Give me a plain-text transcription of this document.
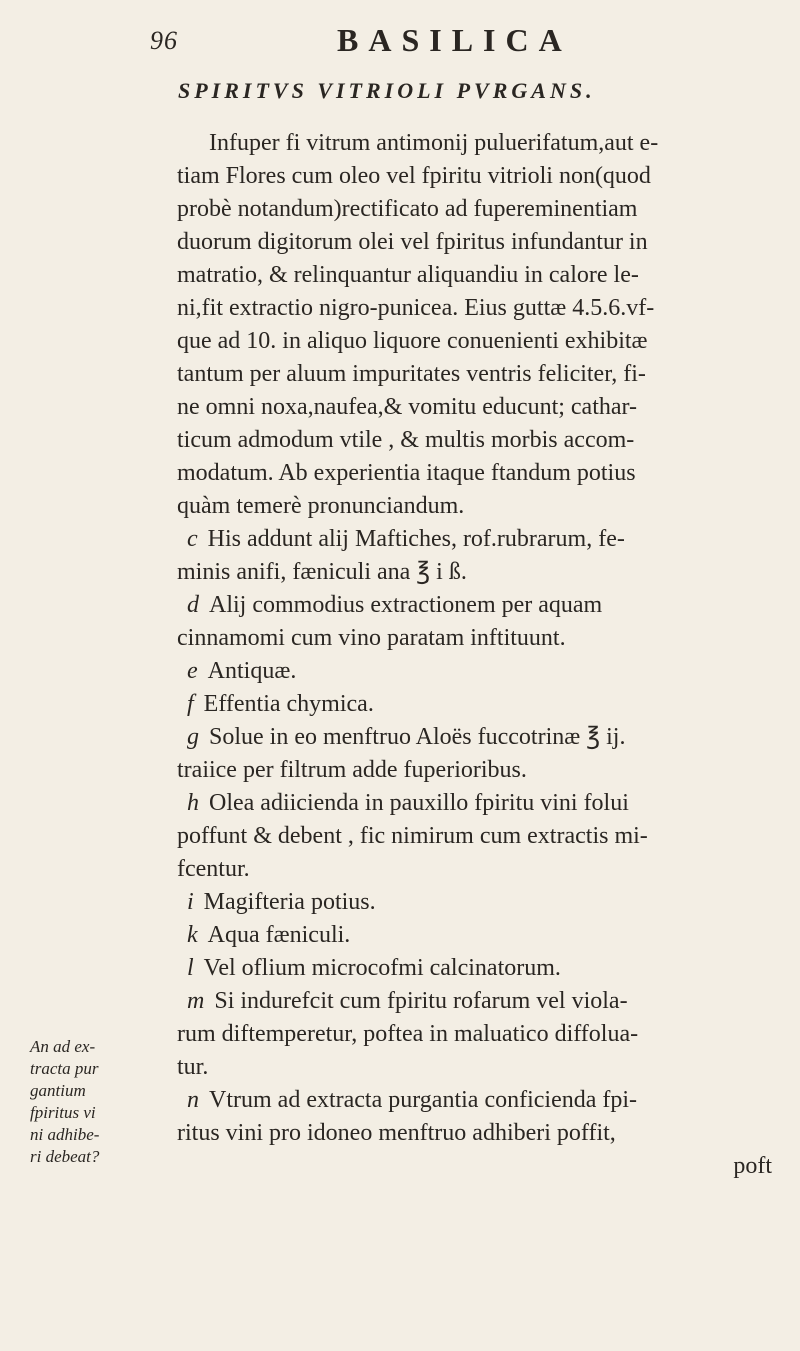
96	BASILICA
SPIRITVS VITRIOLI PVRGANS.
Infuper fi vitrum antimonij puluerifatum,aut e-
tiam Flores cum oleo vel fpiritu vitrioli non(quod
probè notandum)rectificato ad fupereminentiam
duorum digitorum olei vel fpiritus infundantur in
matratio, & relinquantur aliquandiu in calore le-
ni,fit extractio nigro-punicea. Eius guttæ 4.5.6.vf-
que ad 10. in aliquo liquore conuenienti exhibitæ
tantum per aluum impuritates ventris feliciter, fi-
ne omni noxa,naufea,& vomitu educunt; cathar-
ticum admodum vtile , & multis morbis accom-
modatum. Ab experientia itaque ftandum potius
quàm temerè pronunciandum.
c His addunt alij Maftiches, rof.rubrarum, fe-
minis anifi, fæniculi ana ℥ i ß.
d Alij commodius extractionem per aquam
cinnamomi cum vino paratam inftituunt.
e Antiquæ.
f Effentia chymica.
g Solue in eo menftruo Aloës fuccotrinæ ℥ ij.
traiice per filtrum adde fuperioribus.
h Olea adiicienda in pauxillo fpiritu vini folui
poffunt & debent , fic nimirum cum extractis mi-
fcentur.
i Magifteria potius.
k Aqua fæniculi.
l Vel oflium microcofmi calcinatorum.
m Si indurefcit cum fpiritu rofarum vel viola-
rum diftemperetur, poftea in maluatico diffolua-
tur.
n Vtrum ad extracta purgantia conficienda fpi-
ritus vini pro idoneo menftruo adhiberi poffit,
poft
An ad ex-
tracta pur
gantium
fpiritus vi
ni adhibe-
ri debeat?
